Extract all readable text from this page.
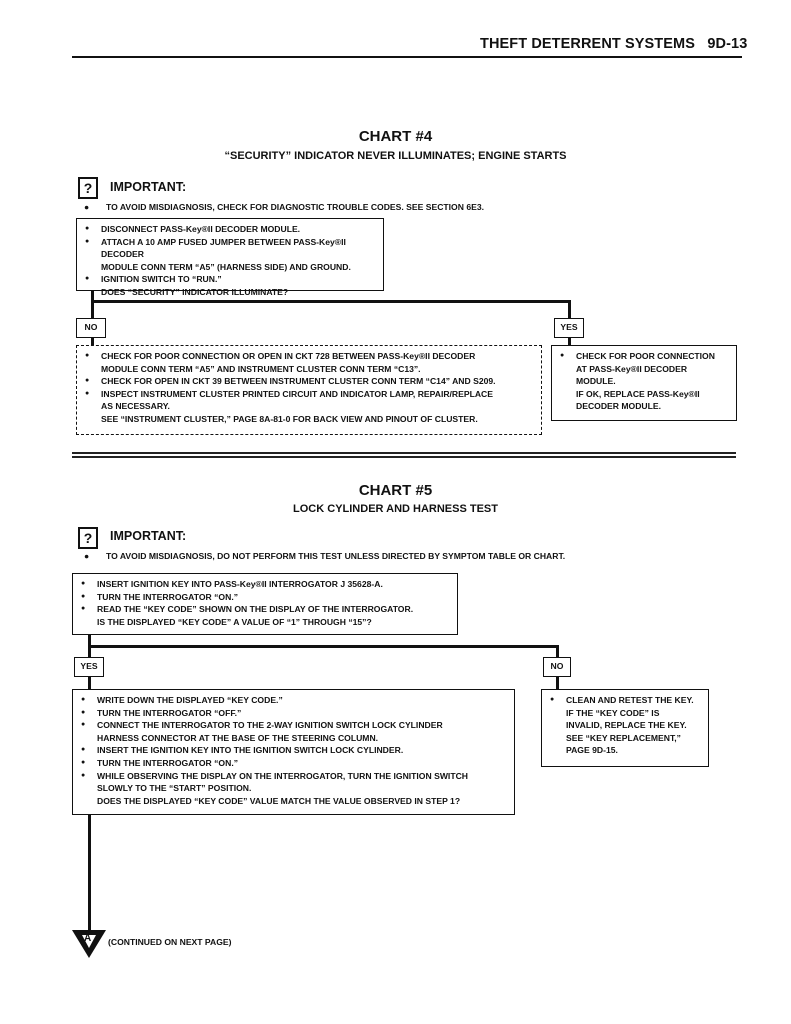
THEFT DETERRENT SYSTEMS 9D-13
CHART #4
“SECURITY” INDICATOR NEVER ILLUMINATES; ENGINE STARTS
?	IMPORTANT:
● TO AVOID MISDIAGNOSIS, CHECK FOR DIAGNOSTIC TROUBLE CODES. SEE SECTION 6E3.
● DISCONNECT PASS-Key®II DECODER MODULE.
● ATTACH A 10 AMP FUSED JUMPER BETWEEN PASS-Key®II DECODER
MODULE CONN TERM “A5” (HARNESS SIDE) AND GROUND.
● IGNITION SWITCH TO “RUN.”
DOES “SECURITY” INDICATOR ILLUMINATE?
NO	YES
● CHECK FOR POOR CONNECTION OR OPEN IN CKT 728 BETWEEN PASS-Key®II DECODER
MODULE CONN TERM “A5” AND INSTRUMENT CLUSTER CONN TERM “C13”.
● CHECK FOR OPEN IN CKT 39 BETWEEN INSTRUMENT CLUSTER CONN TERM “C14” AND S209.
● INSPECT INSTRUMENT CLUSTER PRINTED CIRCUIT AND INDICATOR LAMP, REPAIR/REPLACE
AS NECESSARY.
SEE “INSTRUMENT CLUSTER,” PAGE 8A-81-0 FOR BACK VIEW AND PINOUT OF CLUSTER.
● CHECK FOR POOR CONNECTION
AT PASS-Key®II DECODER
MODULE.
IF OK, REPLACE PASS-Key®II
DECODER MODULE.
CHART #5
LOCK CYLINDER AND HARNESS TEST
?	IMPORTANT:
● TO AVOID MISDIAGNOSIS, DO NOT PERFORM THIS TEST UNLESS DIRECTED BY SYMPTOM TABLE OR CHART.
● INSERT IGNITION KEY INTO PASS-Key®II INTERROGATOR J 35628-A.
● TURN THE INTERROGATOR “ON.”
● READ THE “KEY CODE” SHOWN ON THE DISPLAY OF THE INTERROGATOR.
IS THE DISPLAYED “KEY CODE” A VALUE OF “1” THROUGH “15”?
YES	NO
● WRITE DOWN THE DISPLAYED “KEY CODE.”
● TURN THE INTERROGATOR “OFF.”
● CONNECT THE INTERROGATOR TO THE 2-WAY IGNITION SWITCH LOCK CYLINDER
HARNESS CONNECTOR AT THE BASE OF THE STEERING COLUMN.
● INSERT THE IGNITION KEY INTO THE IGNITION SWITCH LOCK CYLINDER.
● TURN THE INTERROGATOR “ON.”
● WHILE OBSERVING THE DISPLAY ON THE INTERROGATOR, TURN THE IGNITION SWITCH
SLOWLY TO THE “START” POSITION.
DOES THE DISPLAYED “KEY CODE” VALUE MATCH THE VALUE OBSERVED IN STEP 1?
● CLEAN AND RETEST THE KEY.
IF THE “KEY CODE” IS
INVALID, REPLACE THE KEY.
SEE “KEY REPLACEMENT,”
PAGE 9D-15.
A (CONTINUED ON NEXT PAGE)
